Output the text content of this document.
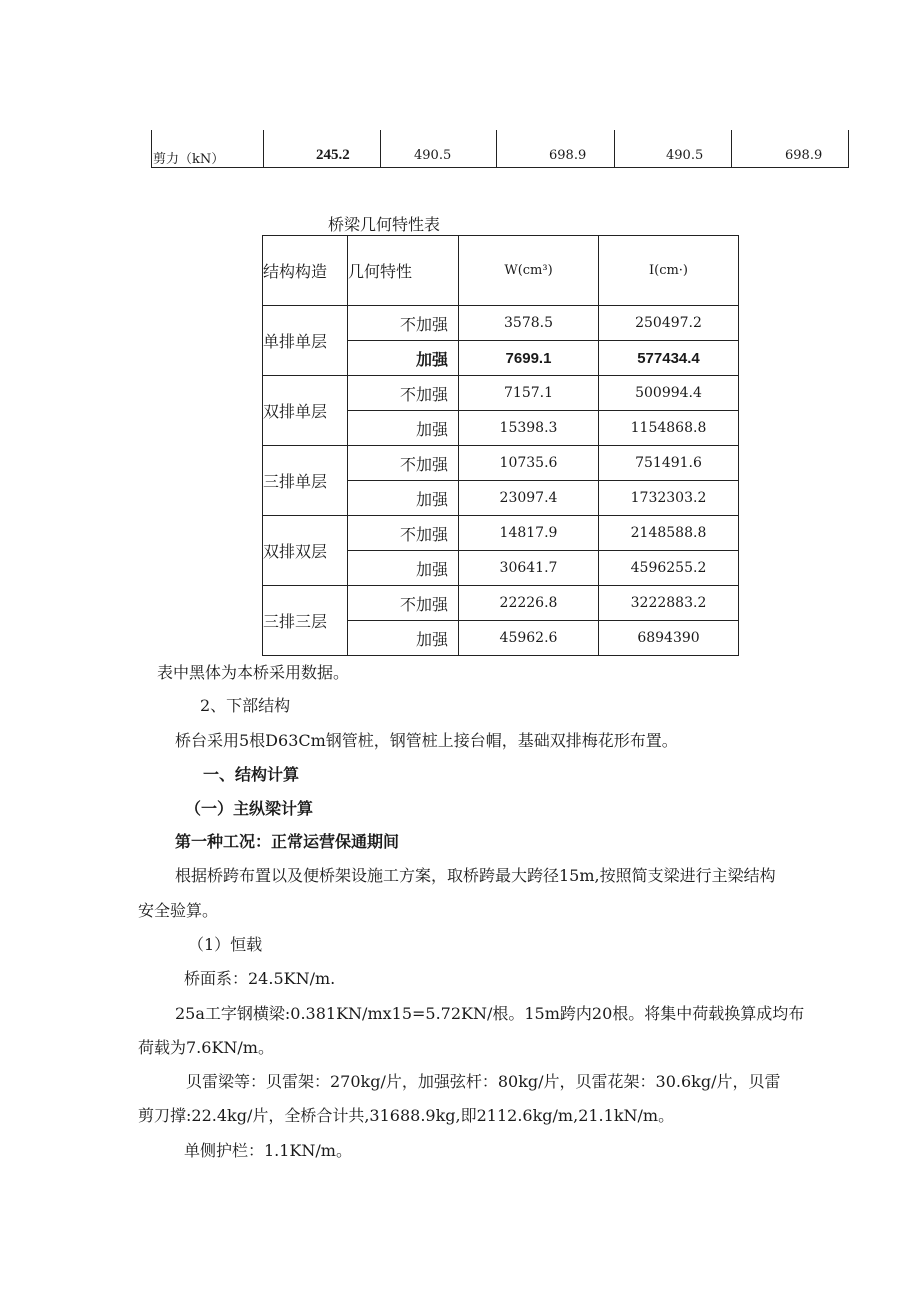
剪力（kN）	245.2	490.5	698.9	490.5	698.9
桥梁几何特性表
结构构造	几何特性	W(cm³)	I(cm·)
单排单层	不加强	3578.5	250497.2
	加强	7699.1	577434.4
双排单层	不加强	7157.1	500994.4
	加强	15398.3	1154868.8
三排单层	不加强	10735.6	751491.6
	加强	23097.4	1732303.2
双排双层	不加强	14817.9	2148588.8
	加强	30641.7	4596255.2
三排三层	不加强	22226.8	3222883.2
	加强	45962.6	6894390
表中黑体为本桥采用数据。
2、下部结构
桥台采用5根D63Cm钢管桩，钢管桩上接台帽，基础双排梅花形布置。
一、结构计算
（一）主纵梁计算
第一种工况：正常运营保通期间
根据桥跨布置以及便桥架设施工方案，取桥跨最大跨径15m,按照简支梁进行主梁结构
安全验算。
（1）恒载
桥面系：24.5KN/m.
25a工字钢横梁:0.381KN/mx15=5.72KN/根。15m跨内20根。将集中荷载换算成均布
荷载为7.6KN/m。
贝雷梁等：贝雷架：270kg/片，加强弦杆：80kg/片，贝雷花架：30.6kg/片，贝雷
剪刀撑:22.4kg/片，全桥合计共,31688.9kg,即2112.6kg/m,21.1kN/m。
单侧护栏：1.1KN/m。
